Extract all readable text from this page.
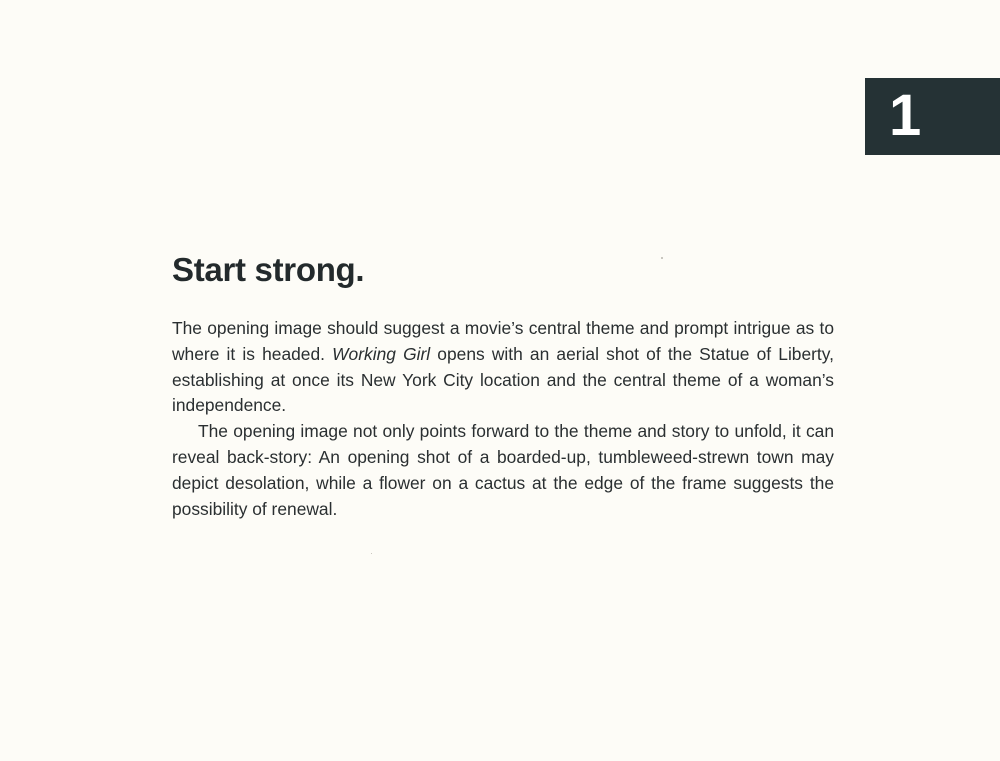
1
Start strong.

The opening image should suggest a movie’s central theme and prompt intrigue as to where it is headed. Working Girl opens with an aerial shot of the Statue of Liberty, establishing at once its New York City location and the central theme of a woman’s independence.

The opening image not only points forward to the theme and story to unfold, it can reveal back-story: An opening shot of a boarded-up, tumbleweed-strewn town may depict desolation, while a flower on a cactus at the edge of the frame suggests the possibility of renewal.
